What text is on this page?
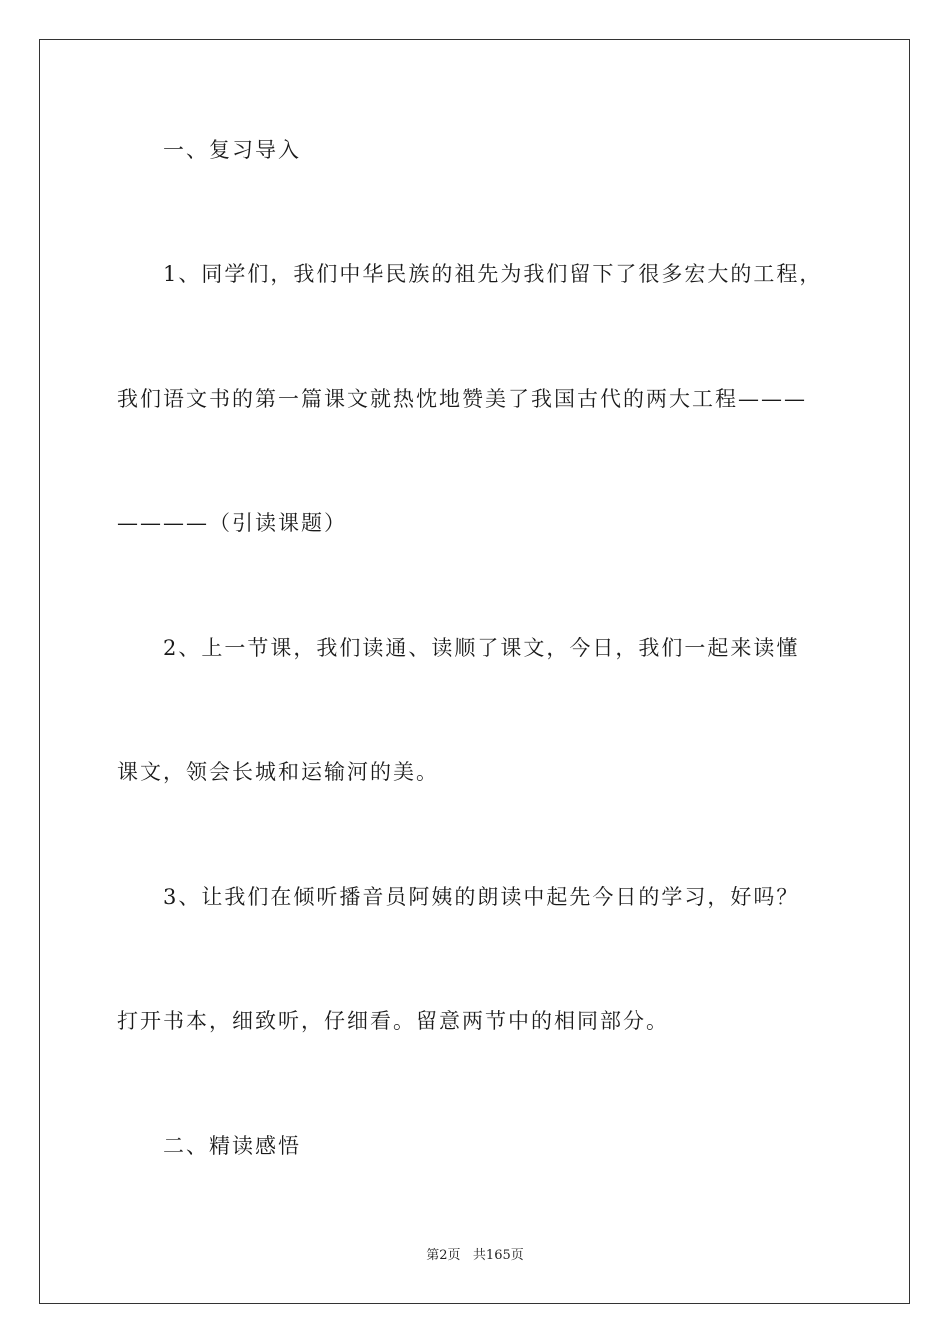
一、复习导入
1、同学们，我们中华民族的祖先为我们留下了很多宏大的工程，
我们语文书的第一篇课文就热忱地赞美了我国古代的两大工程———
————（引读课题）
2、上一节课，我们读通、读顺了课文，今日，我们一起来读懂
课文，领会长城和运输河的美。
3、让我们在倾听播音员阿姨的朗读中起先今日的学习，好吗？
打开书本，细致听，仔细看。留意两节中的相同部分。
二、精读感悟
第2页   共165页
